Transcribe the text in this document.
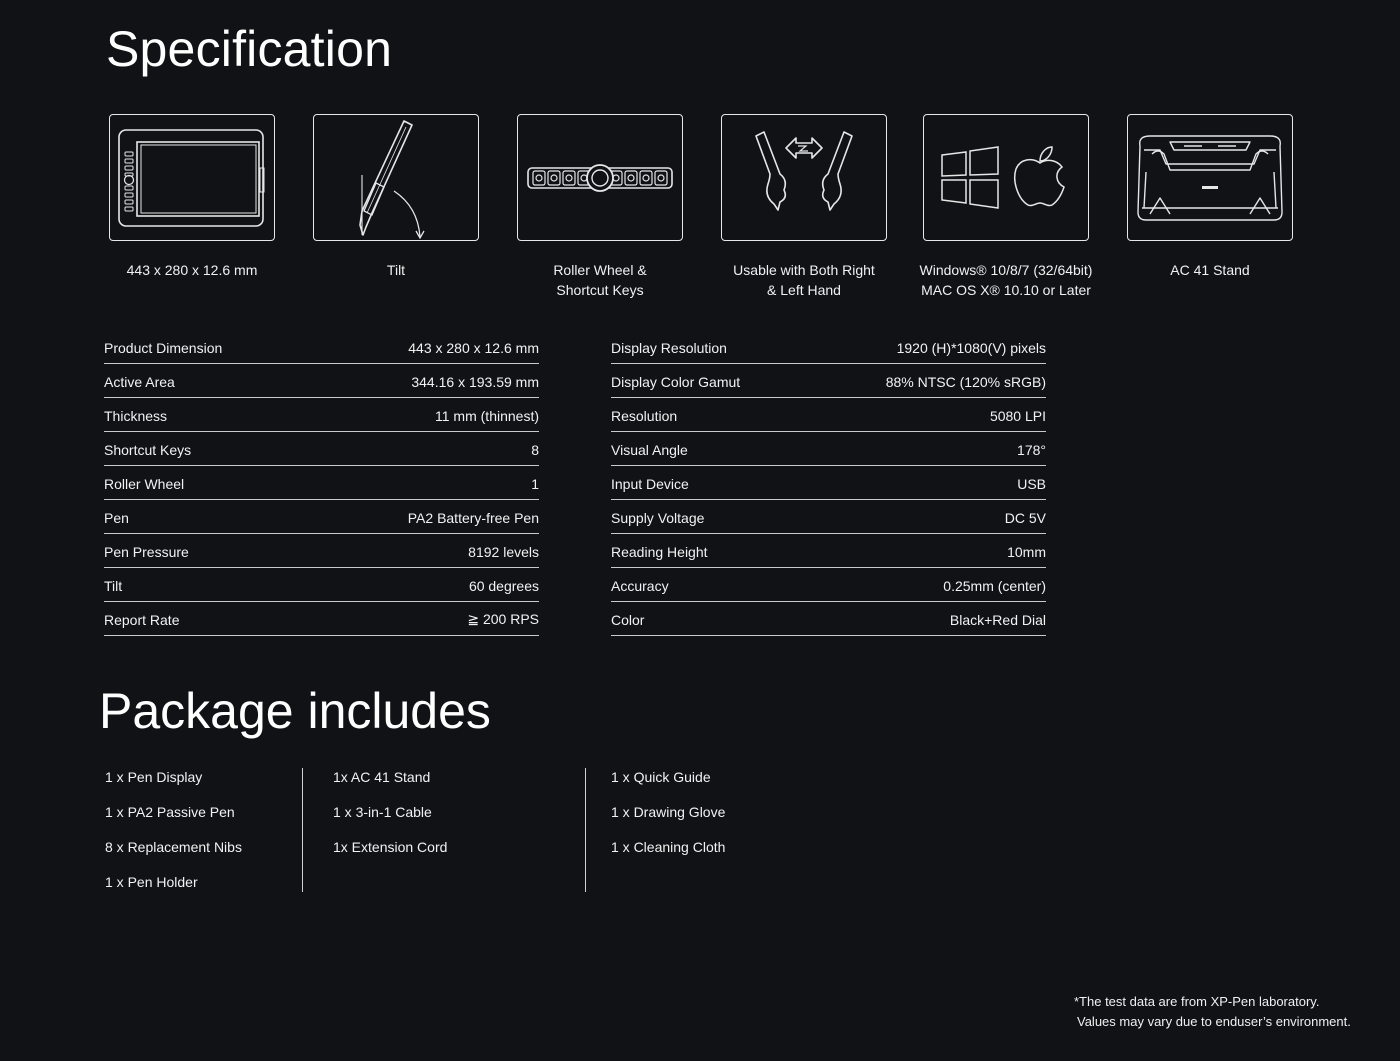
Specification
443 x 280 x 12.6 mm	Tilt	Roller Wheel &
Shortcut Keys
Usable with Both Right
& Left Hand
Windows® 10/8/7 (32/64bit)
MAC OS X® 10.10 or Later
AC 41 Stand
Product Dimension	443 x 280 x 12.6 mm
Active Area	344.16 x 193.59 mm
Thickness	11 mm (thinnest)
Shortcut Keys	8
Roller Wheel	1
Pen	PA2 Battery-free Pen
Pen Pressure	8192 levels
Tilt	60 degrees
Report Rate	≧ 200 RPS
Display Resolution	1920 (H)*1080(V) pixels
Display Color Gamut	88% NTSC (120% sRGB)
Resolution	5080 LPI
Visual Angle	178°
Input Device	USB
Supply Voltage	DC 5V
Reading Height	10mm
Accuracy	0.25mm (center)
Color	Black+Red Dial
Package includes
1 x Pen Display
1 x PA2 Passive Pen
8 x Replacement Nibs
1 x Pen Holder
1x AC 41 Stand
1 x 3-in-1 Cable
1x Extension Cord
1 x Quick Guide
1 x Drawing Glove
1 x Cleaning Cloth
*The test data are from XP-Pen laboratory.
Values may vary due to enduser’s environment.
